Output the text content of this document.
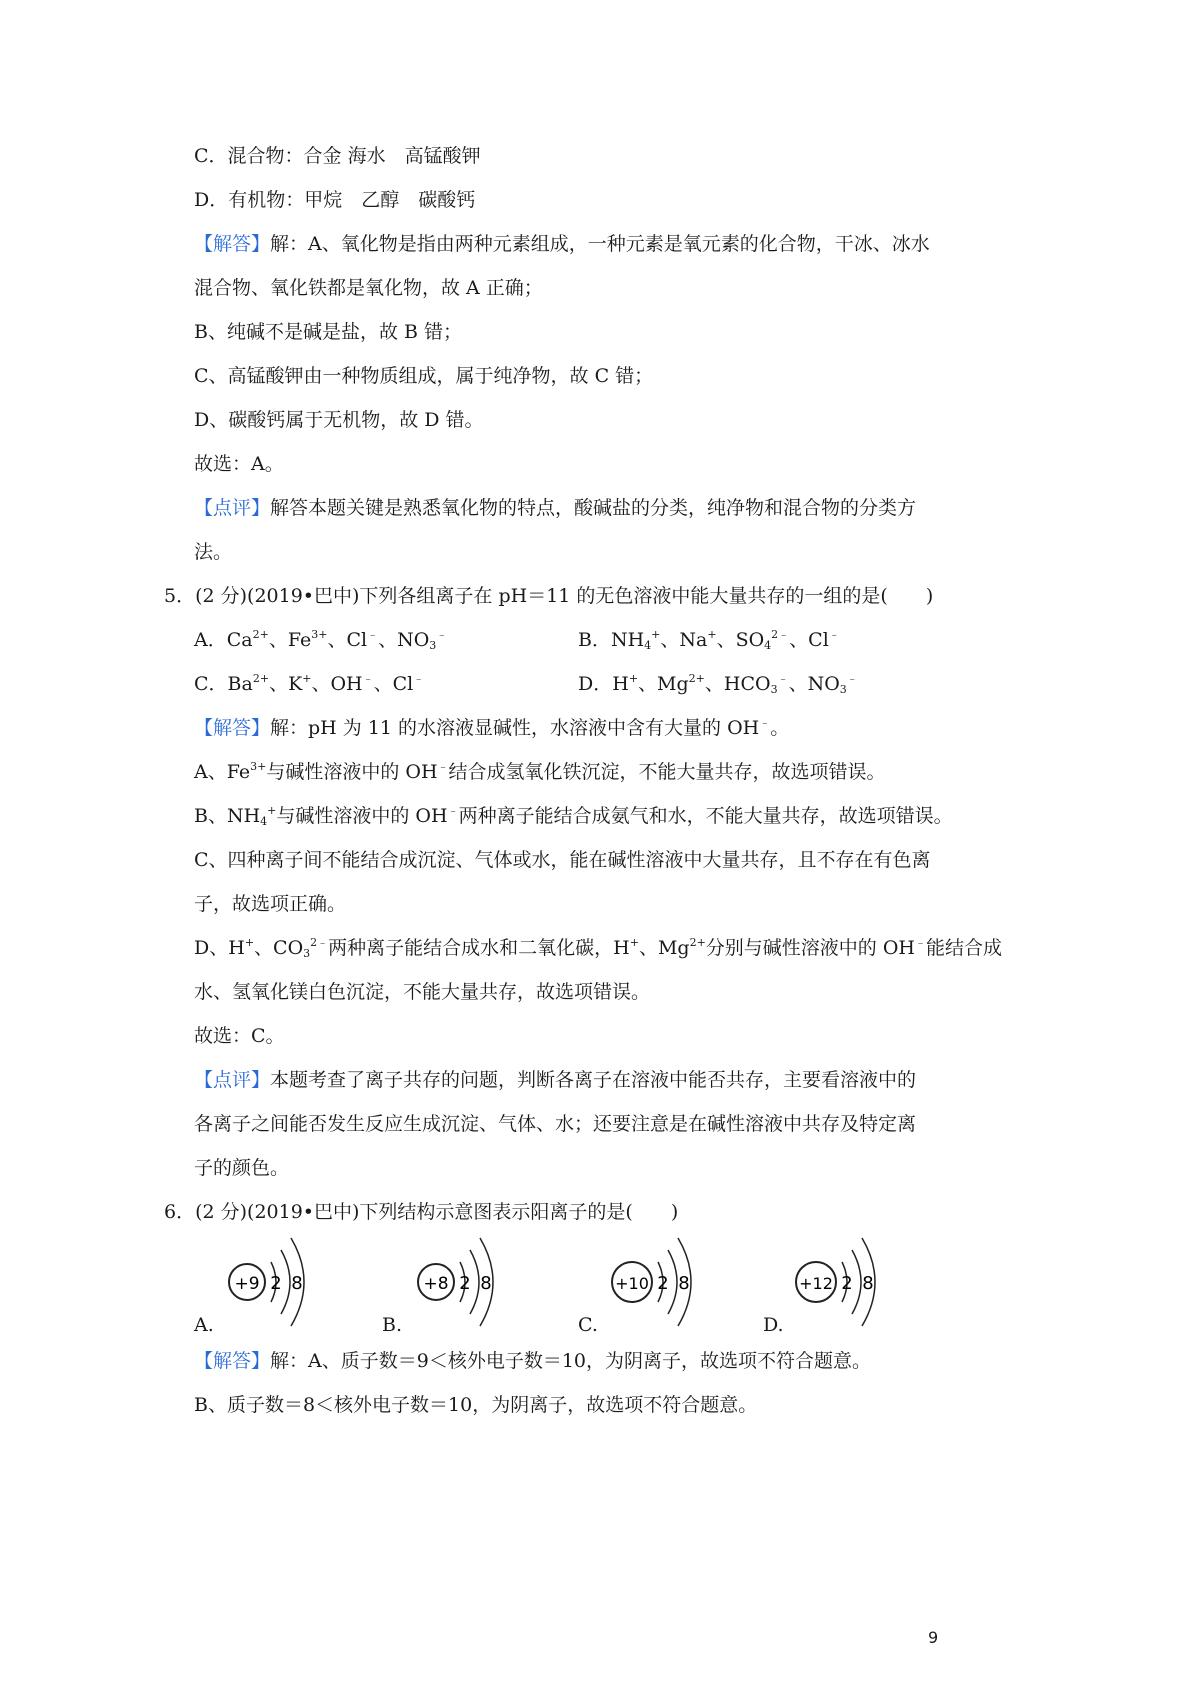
C．混合物：合金 海水　高锰酸钾
D．有机物：甲烷　乙醇　碳酸钙
【解答】解：A、氧化物是指由两种元素组成，一种元素是氧元素的化合物，干冰、冰水
混合物、氧化铁都是氧化物，故 A 正确；
B、纯碱不是碱是盐，故 B 错；
C、高锰酸钾由一种物质组成，属于纯净物，故 C 错；
D、碳酸钙属于无机物，故 D 错。
故选：A。
【点评】解答本题关键是熟悉氧化物的特点，酸碱盐的分类，纯净物和混合物的分类方
法。
5．(2 分)(2019•巴中)下列各组离子在 pH＝11 的无色溶液中能大量共存的一组的是(　　)
A．$Ca^{2+}$、$Fe^{3+}$、Cl﹣、$NO_3^﹣$	B．$NH_4^+$、Na+、$SO_4^{2﹣}$、Cl﹣
C．$Ba^{2+}$、K+、OH﹣、Cl﹣	D．H+、$Mg^{2+}$、$HCO_3^﹣$、$NO_3^﹣$
【解答】解：pH 为 11 的水溶液显碱性，水溶液中含有大量的 OH﹣。
A、$Fe^{3+}$与碱性溶液中的 OH﹣结合成氢氧化铁沉淀，不能大量共存，故选项错误。
B、$NH_4^+$与碱性溶液中的 OH﹣两种离子能结合成氨气和水，不能大量共存，故选项错误。
C、四种离子间不能结合成沉淀、气体或水，能在碱性溶液中大量共存，且不存在有色离
子，故选项正确。
D、H+、$CO_3^{2﹣}$两种离子能结合成水和二氧化碳，H+、$Mg^{2+}$分别与碱性溶液中的 OH﹣能结合成
水、氢氧化镁白色沉淀，不能大量共存，故选项错误。
故选：C。
【点评】本题考查了离子共存的问题，判断各离子在溶液中能否共存，主要看溶液中的
各离子之间能否发生反应生成沉淀、气体、水；还要注意是在碱性溶液中共存及特定离
子的颜色。
6．(2 分)(2019•巴中)下列结构示意图表示阳离子的是(　　)
+9 2 8	+8 2 8	+10 2 8	+12 2 8
A.	B.	C.	D.
【解答】解：A、质子数＝9＜核外电子数＝10，为阴离子，故选项不符合题意。
B、质子数＝8＜核外电子数＝10，为阴离子，故选项不符合题意。
9
